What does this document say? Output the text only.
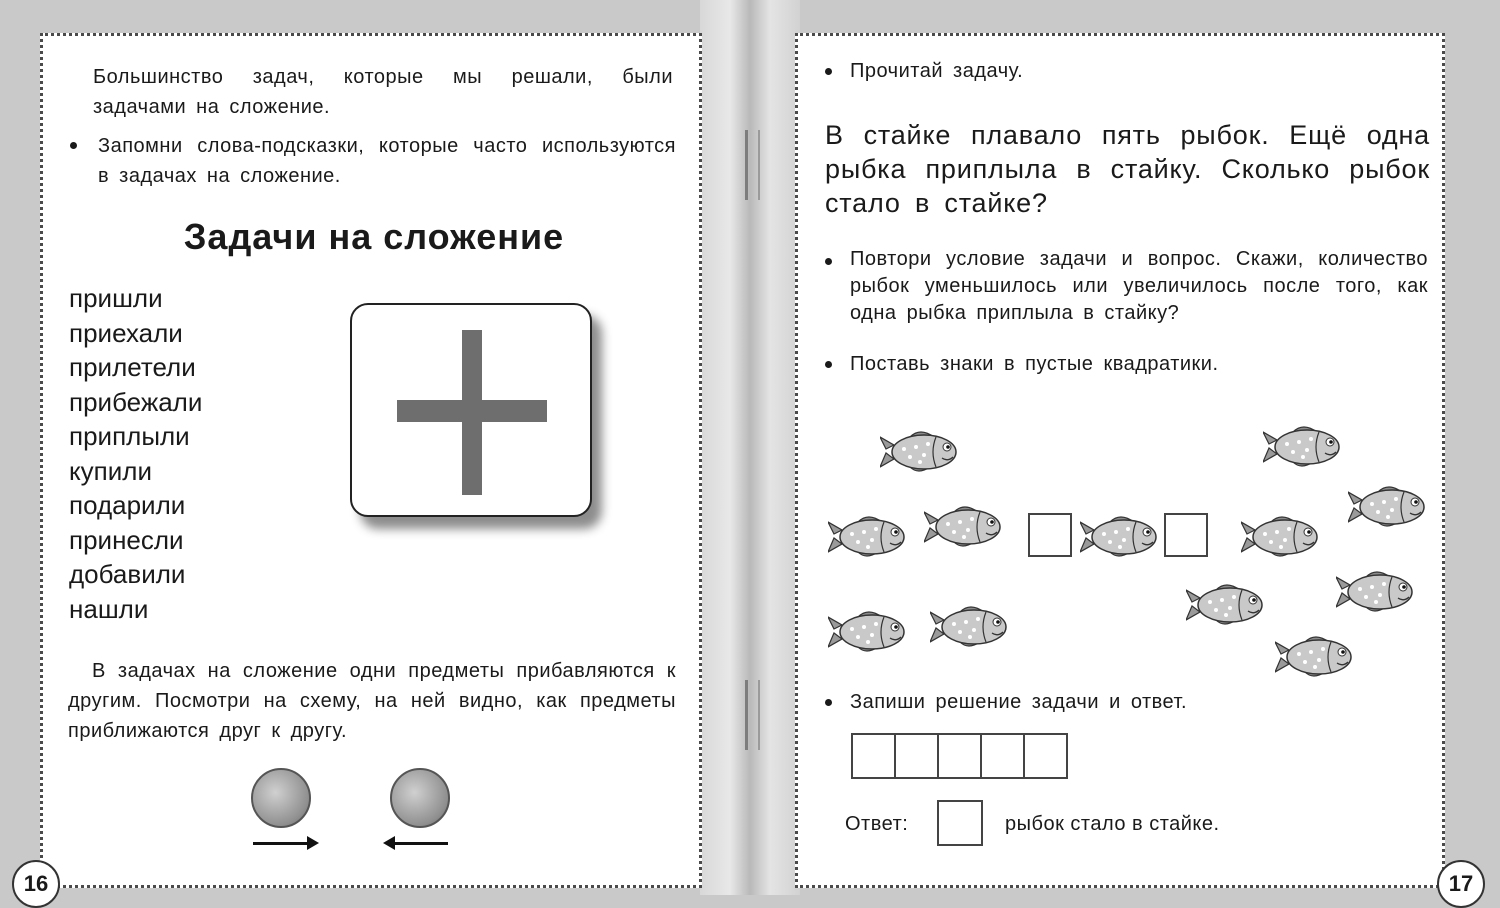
Большинство задач, которые мы решали, были задачами на сложение.

Запомни слова-подсказки, которые часто используются в задачах на сложение.

Задачи на сложение
пришли
приехали
прилетели
прибежали
приплыли
купили
подарили
принесли
добавили
нашли

В задачах на сложение одни предметы прибавляются к другим. Посмотри на схему, на ней видно, как предметы приближаются друг к другу.

16

Прочитай задачу.

В стайке плавало пять рыбок. Ещё одна рыбка приплыла в стайку. Сколько рыбок стало в стайке?

Повтори условие задачи и вопрос. Скажи, количество рыбок уменьшилось или увеличилось после того, как одна рыбка приплыла в стайку?

Поставь знаки в пустые квадратики.

Запиши решение задачи и ответ.

Ответ:	рыбок стало в стайке.
17
